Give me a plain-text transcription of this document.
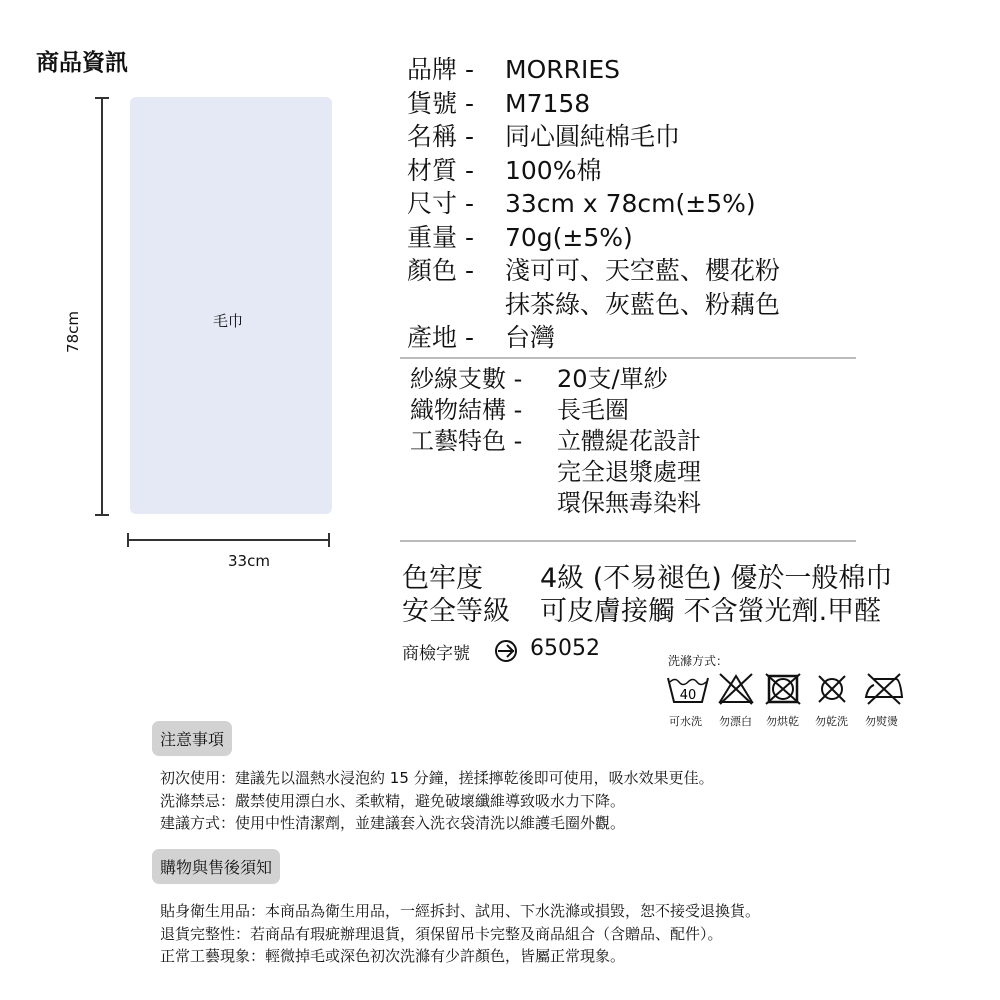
商品資訊
毛巾
78cm
33cm
品牌 -	MORRIES
貨號 -	M7158
名稱 -	同心圓純棉毛巾
材質 -	100%棉
尺寸 -	33cm x 78cm(±5%)
重量 -	70g(±5%)
顏色 -	淺可可、天空藍、櫻花粉
抹茶綠、灰藍色、粉藕色
產地 -	台灣
紗線支數 -	20支/單紗
織物結構 -	長毛圈
工藝特色 -	立體緹花設計
完全退漿處理
環保無毒染料
色牢度 4級 (不易褪色) 優於一般棉巾
安全等級 可皮膚接觸 不含螢光劑.甲醛
商檢字號	65052	洗滌方式：
40
可水洗 勿漂白 勿烘乾 勿乾洗 勿熨燙
注意事項
初次使用：建議先以溫熱水浸泡約 15 分鐘，搓揉擰乾後即可使用，吸水效果更佳。
洗滌禁忌：嚴禁使用漂白水、柔軟精，避免破壞纖維導致吸水力下降。
建議方式：使用中性清潔劑，並建議套入洗衣袋清洗以維護毛圈外觀。
購物與售後須知
貼身衛生用品：本商品為衛生用品，一經拆封、試用、下水洗滌或損毀，恕不接受退換貨。
退貨完整性：若商品有瑕疵辦理退貨，須保留吊卡完整及商品組合（含贈品、配件）。
正常工藝現象：輕微掉毛或深色初次洗滌有少許顏色，皆屬正常現象。
